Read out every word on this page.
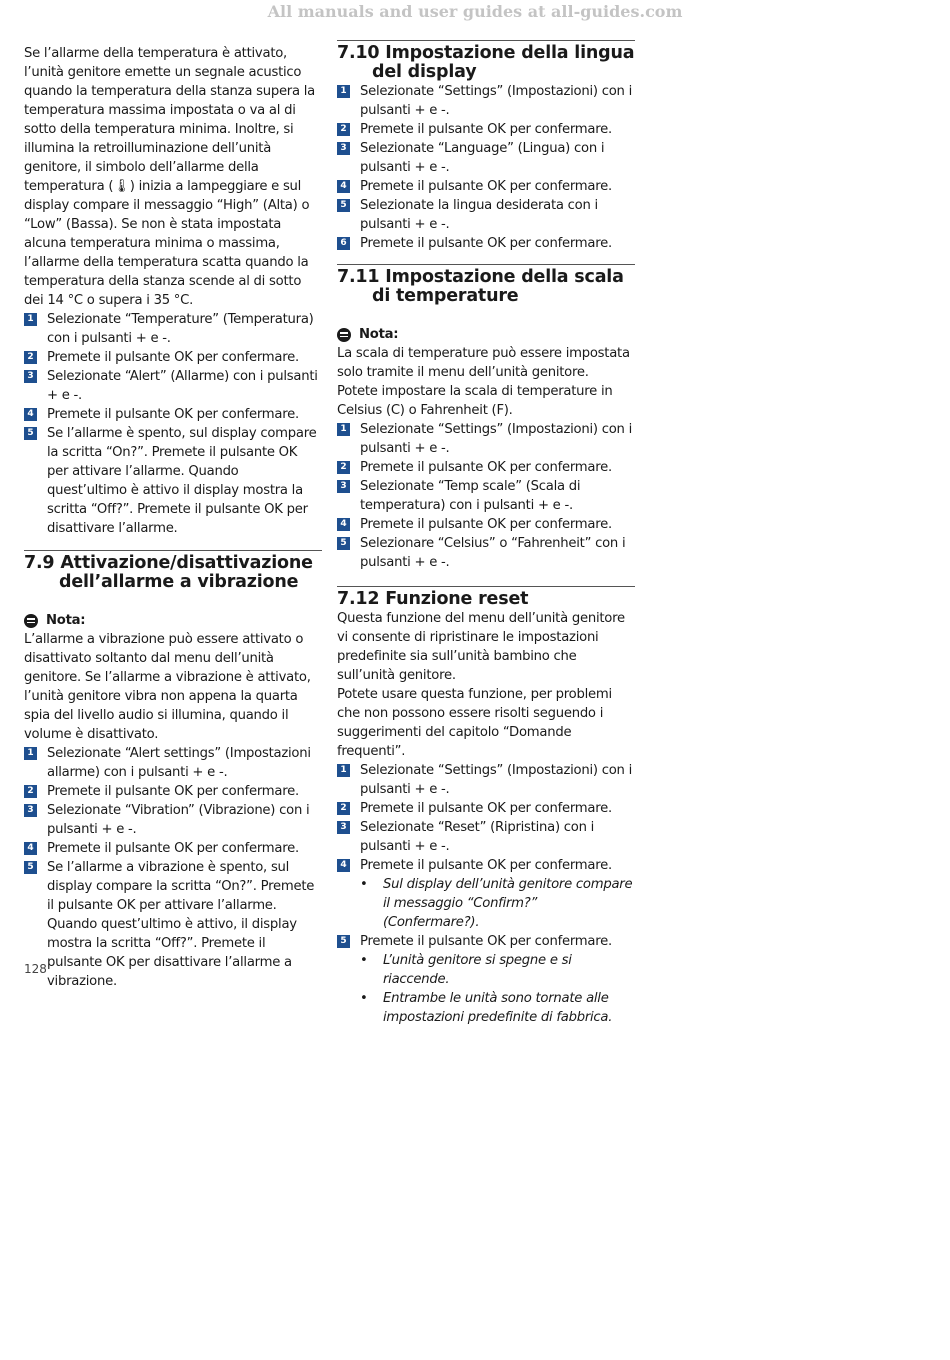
All manuals and user guides at all-guides.com

Se l’allarme della temperatura è attivato, l’unità genitore emette un segnale acustico quando la temperatura della stanza supera la temperatura massima impostata o va al di sotto della temperatura minima. Inoltre, si illumina la retroilluminazione dell’unità genitore, il simbolo dell’allarme della temperatura (🌡) inizia a lampeggiare e sul display compare il messaggio “High” (Alta) o “Low” (Bassa). Se non è stata impostata alcuna temperatura minima o massima, l’allarme della temperatura scatta quando la temperatura della stanza scende al di sotto dei 14 °C o supera i 35 °C.

1 Selezionate “Temperature” (Temperatura) con i pulsanti + e -.
2 Premete il pulsante OK per confermare.
3 Selezionate “Alert” (Allarme) con i pulsanti + e -.
4 Premete il pulsante OK per confermare.
5 Se l’allarme è spento, sul display compare la scritta “On?”. Premete il pulsante OK per attivare l’allarme. Quando quest’ultimo è attivo il display mostra la scritta “Off?”. Premete il pulsante OK per disattivare l’allarme.
7.9 Attivazione/disattivazione
dell’allarme a vibrazione

Nota:

L’allarme a vibrazione può essere attivato o disattivato soltanto dal menu dell’unità genitore. Se l’allarme a vibrazione è attivato, l’unità genitore vibra non appena la quarta spia del livello audio si illumina, quando il volume è disattivato.

1 Selezionate “Alert settings” (Impostazioni allarme) con i pulsanti + e -.
2 Premete il pulsante OK per confermare.
3 Selezionate “Vibration” (Vibrazione) con i pulsanti + e -.
4 Premete il pulsante OK per confermare.
5 Se l’allarme a vibrazione è spento, sul display compare la scritta “On?”. Premete il pulsante OK per attivare l’allarme. Quando quest’ultimo è attivo, il display mostra la scritta “Off?”. Premete il pulsante OK per disattivare l’allarme a vibrazione.
7.10 Impostazione della lingua
del display
1 Selezionate “Settings” (Impostazioni) con i pulsanti + e -.
2 Premete il pulsante OK per confermare.
3 Selezionate “Language” (Lingua) con i pulsanti + e -.
4 Premete il pulsante OK per confermare.
5 Selezionate la lingua desiderata con i pulsanti + e -.
6 Premete il pulsante OK per confermare.
7.11 Impostazione della scala
di temperature

Nota:

La scala di temperature può essere impostata solo tramite il menu dell’unità genitore.

Potete impostare la scala di temperature in Celsius (C) o Fahrenheit (F).

1 Selezionate “Settings” (Impostazioni) con i pulsanti + e -.
2 Premete il pulsante OK per confermare.
3 Selezionate “Temp scale” (Scala di temperatura) con i pulsanti + e -.
4 Premete il pulsante OK per confermare.
5 Selezionare “Celsius” o “Fahrenheit” con i pulsanti + e -.
7.12 Funzione reset

Questa funzione del menu dell’unità genitore vi consente di ripristinare le impostazioni predefinite sia sull’unità bambino che sull’unità genitore.

Potete usare questa funzione, per problemi che non possono essere risolti seguendo i suggerimenti del capitolo “Domande frequenti”.

1 Selezionate “Settings” (Impostazioni) con i pulsanti + e -.
2 Premete il pulsante OK per confermare.
3 Selezionate “Reset” (Ripristina) con i pulsanti + e -.
4 Premete il pulsante OK per confermare.
• Sul display dell’unità genitore compare il messaggio “Confirm?” (Confermare?).
5 Premete il pulsante OK per confermare.
• L’unità genitore si spegne e si riaccende.
• Entrambe le unità sono tornate alle impostazioni predefinite di fabbrica.
128
